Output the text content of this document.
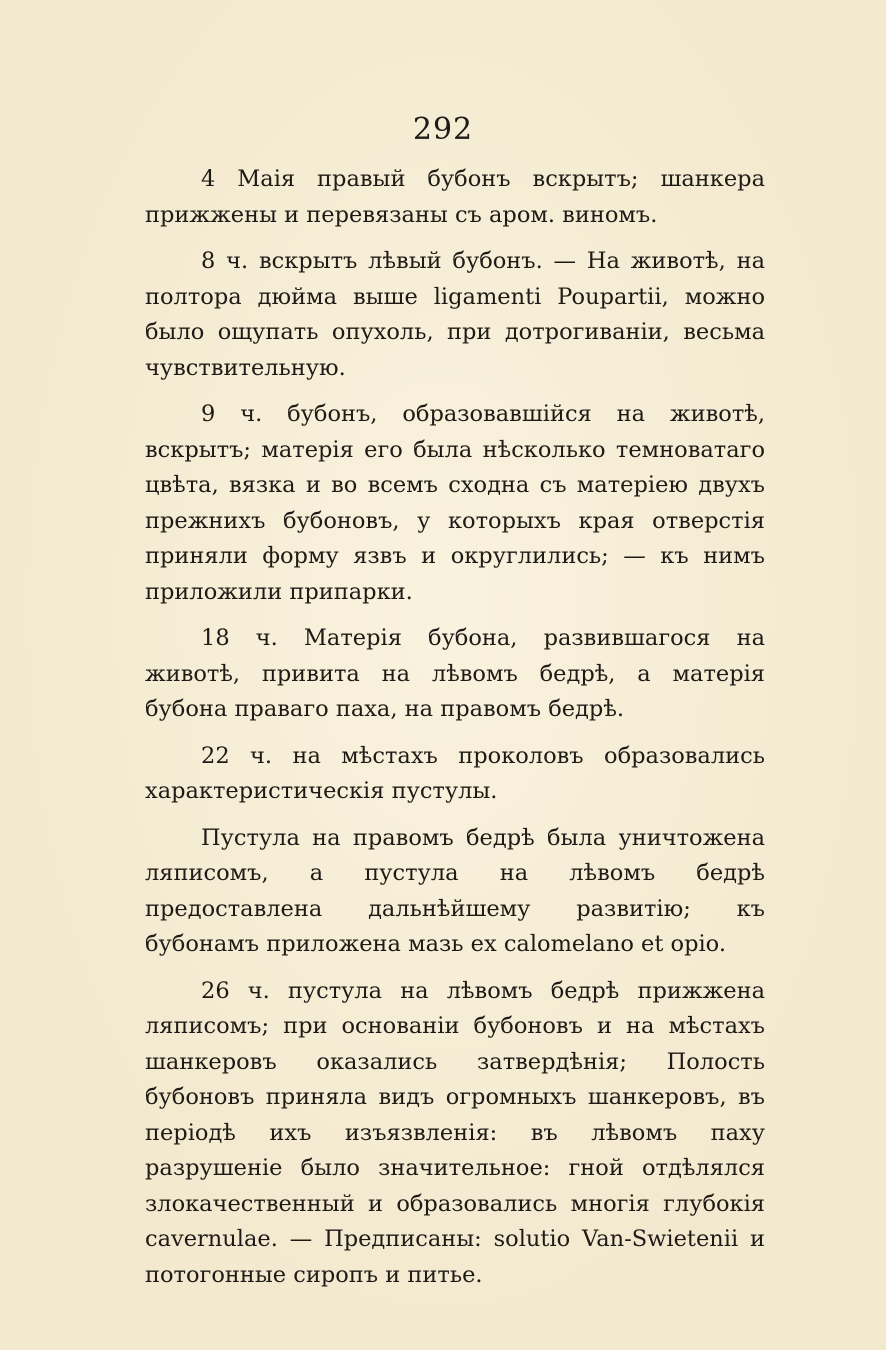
292

4 Маія правый бубонъ вскрытъ; шанкера прижжены и перевязаны съ аром. виномъ.

8 ч. вскрытъ лѣвый бубонъ. — На животѣ, на полтора дюйма выше ligamenti Poupartii, можно было ощупать опухоль, при дотрогиваніи, весьма чувствительную.

9 ч. бубонъ, образовавшійся на животѣ, вскрытъ; матерія его была нѣсколько темноватаго цвѣта, вязка и во всемъ сходна съ матеріею двухъ прежнихъ бубоновъ, у которыхъ края отверстія приняли форму язвъ и округлились; — къ нимъ приложили припарки.

18 ч. Матерія бубона, развившагося на животѣ, привита на лѣвомъ бедрѣ, а матерія бубона праваго паха, на правомъ бедрѣ.

22 ч. на мѣстахъ проколовъ образовались характеристическія пустулы.

Пустула на правомъ бедрѣ была уничтожена ляписомъ, а пустула на лѣвомъ бедрѣ предоставлена дальнѣйшему развитію; къ бубонамъ приложена мазь ex calomelano et opio.

26 ч. пустула на лѣвомъ бедрѣ прижжена ляписомъ; при основаніи бубоновъ и на мѣстахъ шанкеровъ оказались затвердѣнія; Полость бубоновъ приняла видъ огромныхъ шанкеровъ, въ періодѣ ихъ изъязвленія: въ лѣвомъ паху разрушеніе было значительное: гной отдѣлялся злокачественный и образовались многія глубокія cavernulae. — Предписаны: solutio Van-Swietenii и потогонные сиропъ и питье.
